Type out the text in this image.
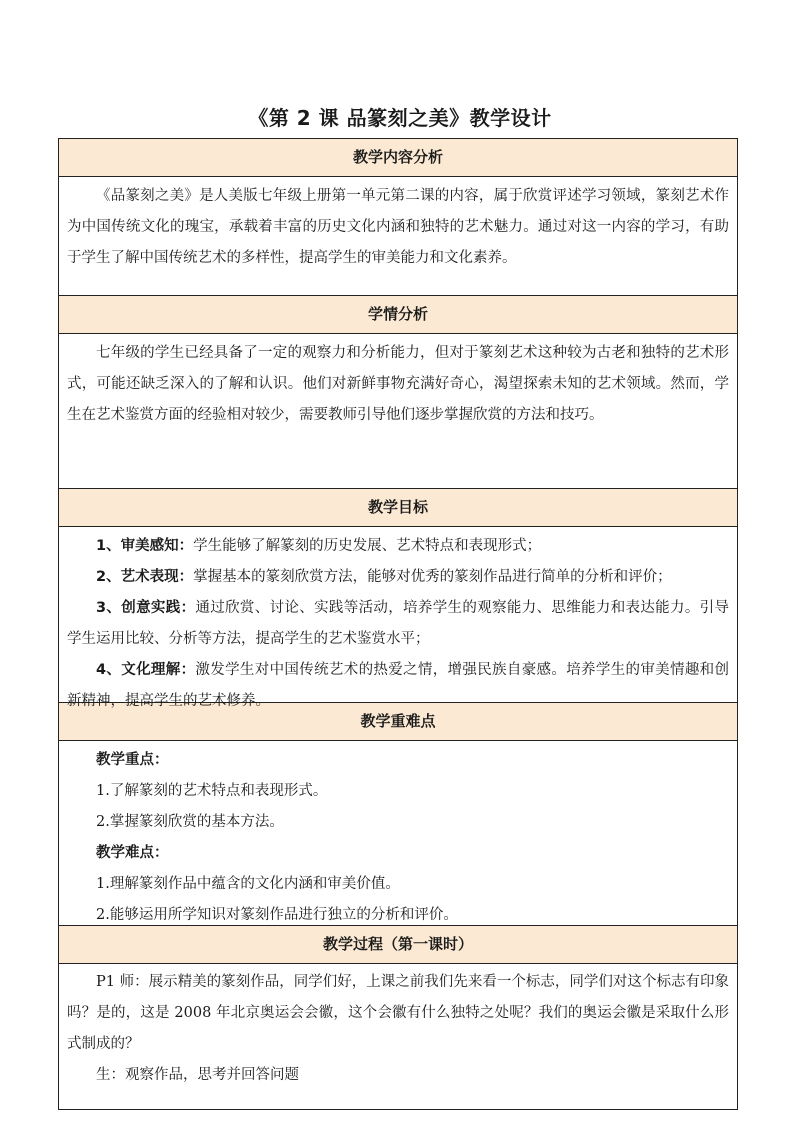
《第 2 课 品篆刻之美》教学设计
教学内容分析

《品篆刻之美》是人美版七年级上册第一单元第二课的内容，属于欣赏评述学习领域，篆刻艺术作为中国传统文化的瑰宝，承载着丰富的历史文化内涵和独特的艺术魅力。通过对这一内容的学习，有助于学生了解中国传统艺术的多样性，提高学生的审美能力和文化素养。

学情分析

七年级的学生已经具备了一定的观察力和分析能力，但对于篆刻艺术这种较为古老和独特的艺术形式，可能还缺乏深入的了解和认识。他们对新鲜事物充满好奇心，渴望探索未知的艺术领域。然而，学生在艺术鉴赏方面的经验相对较少，需要教师引导他们逐步掌握欣赏的方法和技巧。

教学目标

1、审美感知：学生能够了解篆刻的历史发展、艺术特点和表现形式；

2、艺术表现：掌握基本的篆刻欣赏方法，能够对优秀的篆刻作品进行简单的分析和评价；

3、创意实践：通过欣赏、讨论、实践等活动，培养学生的观察能力、思维能力和表达能力。引导学生运用比较、分析等方法，提高学生的艺术鉴赏水平；

4、文化理解：激发学生对中国传统艺术的热爱之情，增强民族自豪感。培养学生的审美情趣和创新精神，提高学生的艺术修养。

教学重难点

教学重点：

1.了解篆刻的艺术特点和表现形式。

2.掌握篆刻欣赏的基本方法。

教学难点：

1.理解篆刻作品中蕴含的文化内涵和审美价值。

2.能够运用所学知识对篆刻作品进行独立的分析和评价。

教学过程（第一课时）

P1 师：展示精美的篆刻作品，同学们好，上课之前我们先来看一个标志，同学们对这个标志有印象吗？是的，这是 2008 年北京奥运会会徽，这个会徽有什么独特之处呢？我们的奥运会徽是采取什么形式制成的？

生：观察作品，思考并回答问题
